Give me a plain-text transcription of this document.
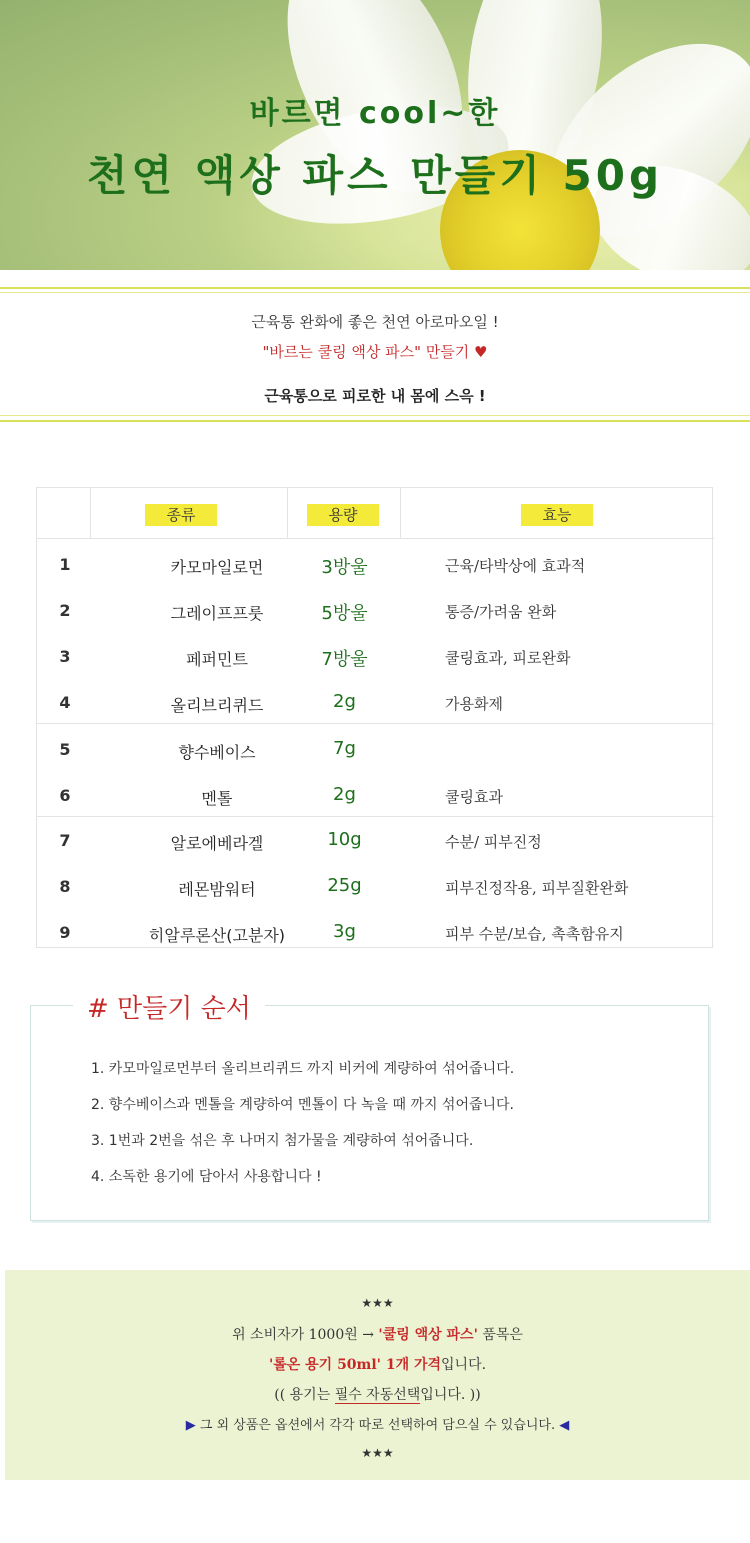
바르면 cool~한
천연 액상 파스 만들기 50g
근육통 완화에 좋은 천연 아로마오일 !
"바르는 쿨링 액상 파스" 만들기 ♥
근육통으로 피로한 내 몸에 스윽 !
종류	용량	효능
1	카모마일로먼	3방울	근육/타박상에 효과적
2	그레이프프룻	5방울	통증/가려움 완화
3	페퍼민트	7방울	쿨링효과, 피로완화
4	올리브리퀴드	2g	가용화제
5	향수베이스	7g
6	멘톨	2g	쿨링효과
7	알로에베라겔	10g	수분/ 피부진정
8	레몬밤워터	25g	피부진정작용, 피부질환완화
9	히알루론산(고분자)	3g	피부 수분/보습, 촉촉함유지
# 만들기 순서
1. 카모마일로먼부터 올리브리퀴드 까지 비커에 계량하여 섞어줍니다.
2. 향수베이스과 멘톨을 계량하여 멘톨이 다 녹을 때 까지 섞어줍니다.
3. 1번과 2번을 섞은 후 나머지 첨가물을 계량하여 섞어줍니다.
4. 소독한 용기에 담아서 사용합니다 !
★★★
위 소비자가 1000원 → '쿨링 액상 파스' 품목은
'롤온 용기 50ml' 1개 가격입니다.
(( 용기는 필수 자동선택입니다. ))
▶ 그 외 상품은 옵션에서 각각 따로 선택하여 담으실 수 있습니다. ◀
★★★
